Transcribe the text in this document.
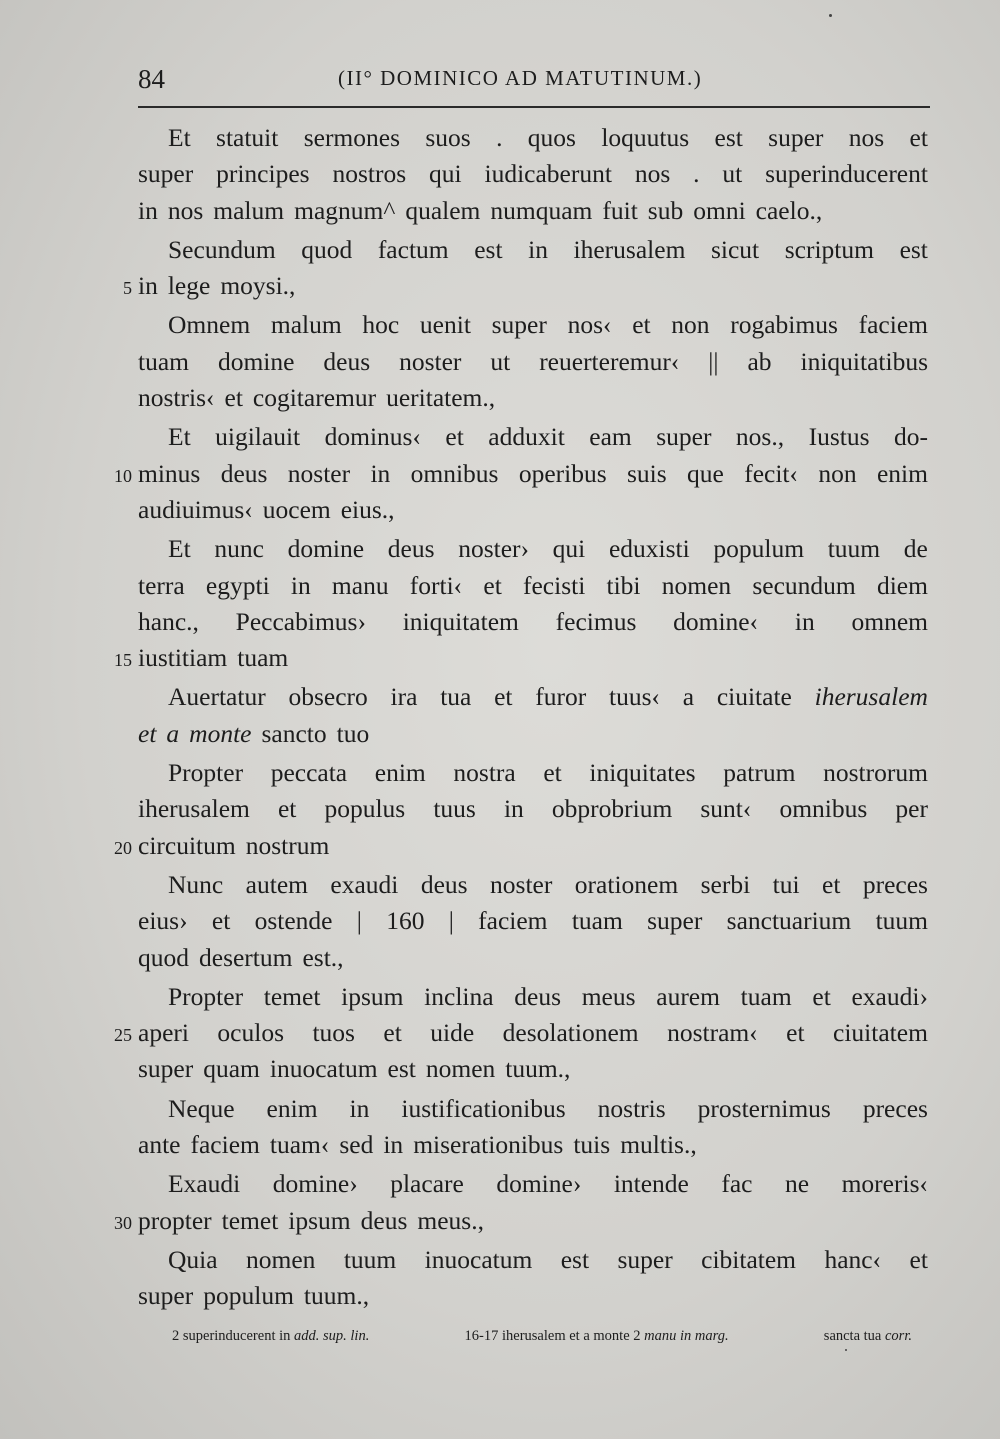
84	(II° DOMINICO AD MATUTINUM.)
Et statuit sermones suos . quos loquutus est super nos et
super principes nostros qui iudicaberunt nos . ut superinducerent
in nos malum magnum^ qualem numquam fuit sub omni caelo.,
Secundum quod factum est in iherusalem sicut scriptum est
in lege moysi.,
5
Omnem malum hoc uenit super nos‹ et non rogabimus faciem
tuam domine deus noster ut reuerteremur‹ || ab iniquitatibus
nostris‹ et cogitaremur ueritatem.,
Et uigilauit dominus‹ et adduxit eam super nos., Iustus do-
minus deus noster in omnibus operibus suis que fecit‹ non enim
10
audiuimus‹ uocem eius.,
Et nunc domine deus noster› qui eduxisti populum tuum de
terra egypti in manu forti‹ et fecisti tibi nomen secundum diem
hanc., Peccabimus› iniquitatem fecimus domine‹ in omnem
iustitiam tuam
15
Auertatur obsecro ira tua et furor tuus‹ a ciuitate iherusalem
et a monte sancto tuo
Propter peccata enim nostra et iniquitates patrum nostrorum
iherusalem et populus tuus in obprobrium sunt‹ omnibus per
circuitum nostrum
20
Nunc autem exaudi deus noster orationem serbi tui et preces
eius› et ostende | 160 | faciem tuam super sanctuarium tuum
quod desertum est.,
Propter temet ipsum inclina deus meus aurem tuam et exaudi›
aperi oculos tuos et uide desolationem nostram‹ et ciuitatem
25
super quam inuocatum est nomen tuum.,
Neque enim in iustificationibus nostris prosternimus preces
ante faciem tuam‹ sed in miserationibus tuis multis.,
Exaudi domine› placare domine› intende fac ne moreris‹
propter temet ipsum deus meus.,
30
Quia nomen tuum inuocatum est super cibitatem hanc‹ et
super populum tuum.,
2 superinducerent in add. sup. lin.	16-17 iherusalem et a monte 2 manu in marg.	sancta tua corr.
